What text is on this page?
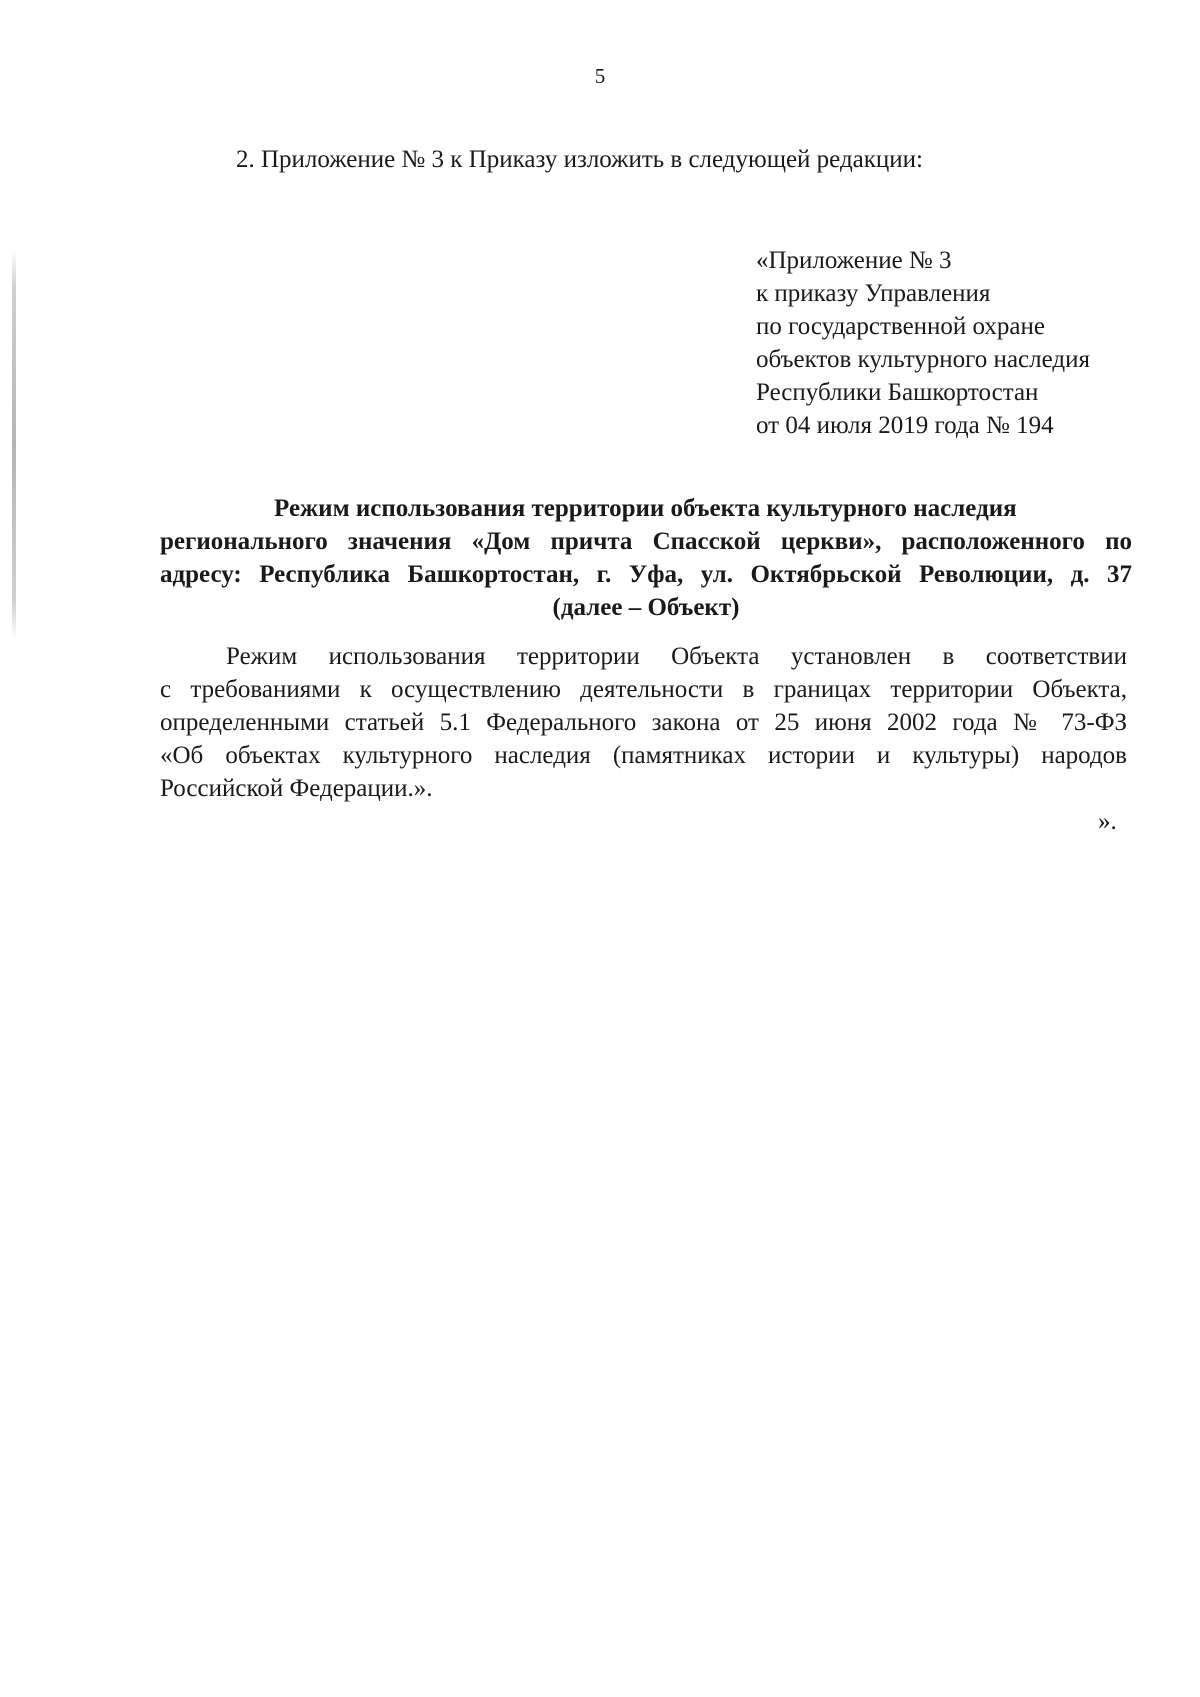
5
2. Приложение № 3 к Приказу изложить в следующей редакции:
«Приложение № 3
к приказу Управления
по государственной охране
объектов культурного наследия
Республики Башкортостан
от 04 июля 2019 года № 194
Режим использования территории объекта культурного наследия
регионального значения «Дом причта Спасской церкви», расположенного по
адресу: Республика Башкортостан, г. Уфа, ул. Октябрьской Революции, д. 37
(далее – Объект)
Режим использования территории Объекта установлен в соответствии
с требованиями к осуществлению деятельности в границах территории Объекта,
определенными статьей 5.1 Федерального закона от 25 июня 2002 года № 73-ФЗ
«Об объектах культурного наследия (памятниках истории и культуры) народов
Российской Федерации.».
».
